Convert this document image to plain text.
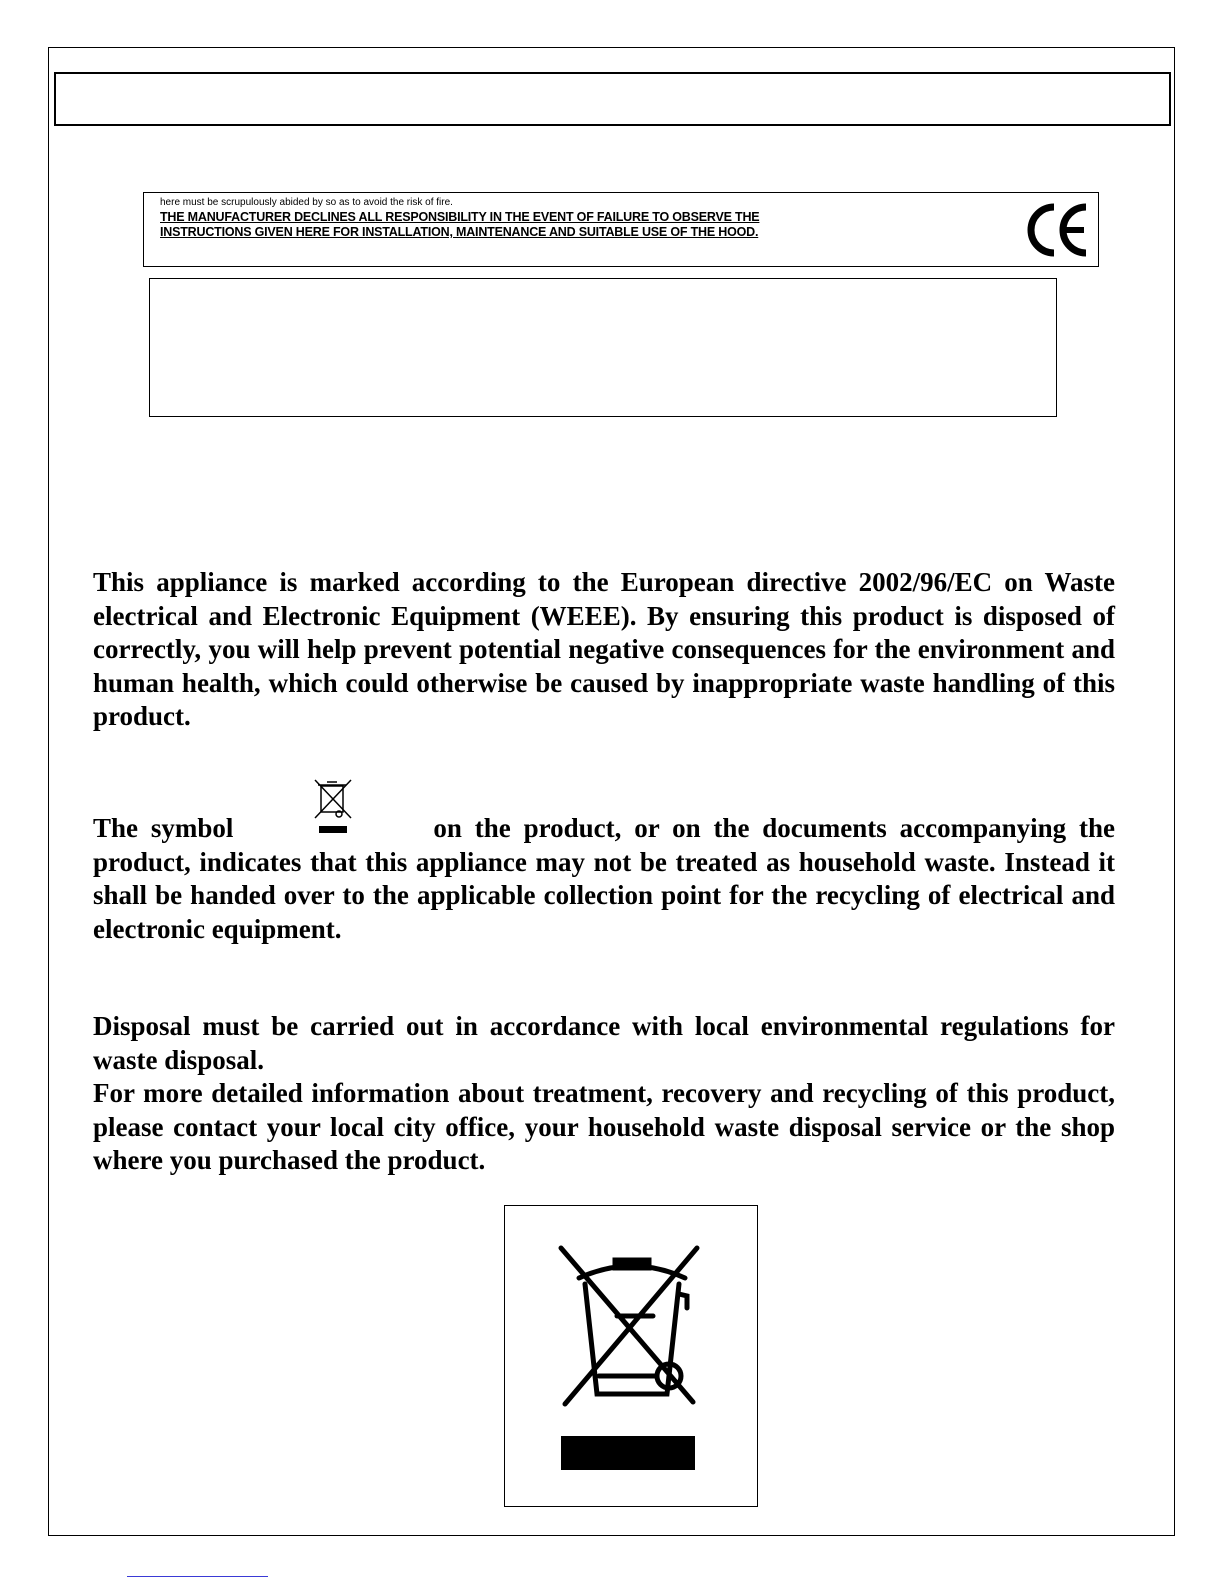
here must be scrupulously abided by so as to avoid the risk of fire.
THE MANUFACTURER DECLINES ALL RESPONSIBILITY IN THE EVENT OF FAILURE TO OBSERVE THE
INSTRUCTIONS GIVEN HERE FOR INSTALLATION, MAINTENANCE AND SUITABLE USE OF THE HOOD.

This appliance is marked according to the European directive 2002/96/EC on Waste electrical and Electronic Equipment (WEEE). By ensuring this product is disposed of correctly, you will help prevent potential negative consequences for the environment and human health, which could otherwise be caused by inappropriate waste handling of this product.

The symbol	on the product, or on the documents accompanying the product, indicates that this appliance may not be treated as household waste. Instead it shall be handed over to the applicable collection point for the recycling of electrical and electronic equipment.

Disposal must be carried out in accordance with local environmental regulations for waste disposal.

For more detailed information about treatment, recovery and recycling of this product, please contact your local city office, your household waste disposal service or the shop where you purchased the product.
